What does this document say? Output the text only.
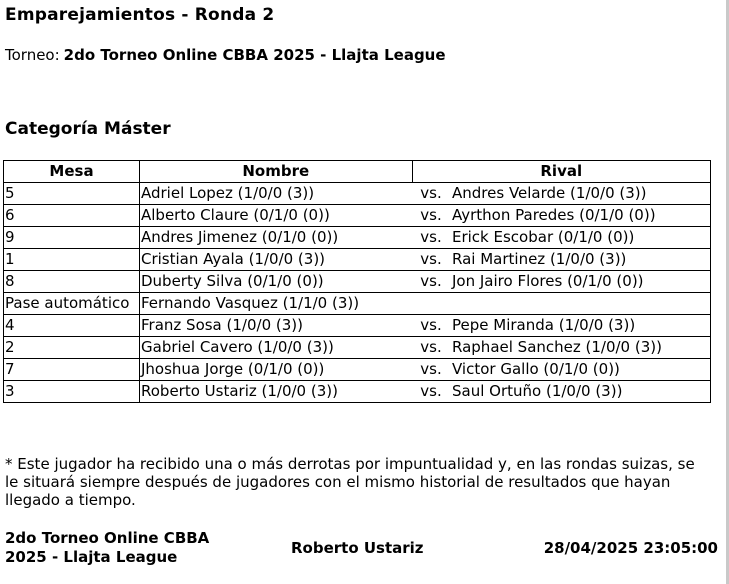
Emparejamientos - Ronda 2
Torneo: 2do Torneo Online CBBA 2025 - Llajta League
Categoría Máster
Mesa	Nombre	Rival	
5	Adriel Lopez (1/0/0 (3))	vs.	Andres Velarde (1/0/0 (3))
6	Alberto Claure (0/1/0 (0))	vs.	Ayrthon Paredes (0/1/0 (0))
9	Andres Jimenez (0/1/0 (0))	vs.	Erick Escobar (0/1/0 (0))
1	Cristian Ayala (1/0/0 (3))	vs.	Rai Martinez (1/0/0 (3))
8	Duberty Silva (0/1/0 (0))	vs.	Jon Jairo Flores (0/1/0 (0))
Pase automático	Fernando Vasquez (1/1/0 (3))		
4	Franz Sosa (1/0/0 (3))	vs.	Pepe Miranda (1/0/0 (3))
2	Gabriel Cavero (1/0/0 (3))	vs.	Raphael Sanchez (1/0/0 (3))
7	Jhoshua Jorge (0/1/0 (0))	vs.	Victor Gallo (0/1/0 (0))
3	Roberto Ustariz (1/0/0 (3))	vs.	Saul Ortuño (1/0/0 (3))
* Este jugador ha recibido una o más derrotas por impuntualidad y, en las rondas suizas, se le situará siempre después de jugadores con el mismo historial de resultados que hayan llegado a tiempo.
2do Torneo Online CBBA 2025 - Llajta League	Roberto Ustariz	28/04/2025 23:05:00
